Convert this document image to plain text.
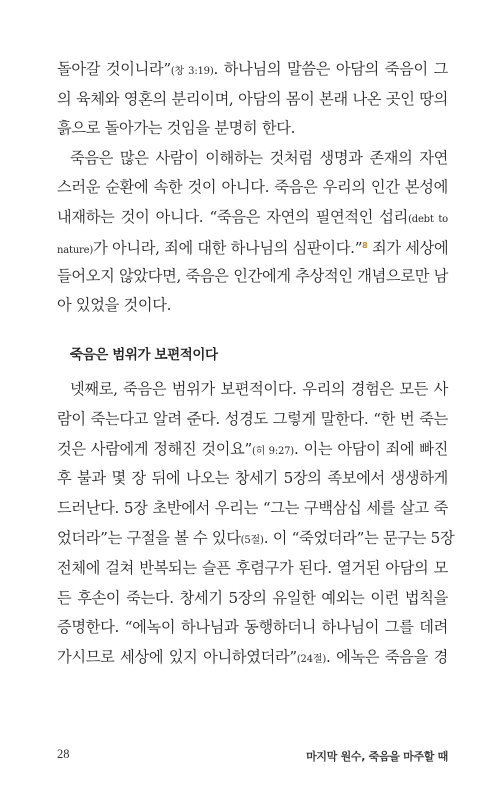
돌아갈 것이니라”(창 3:19). 하나님의 말씀은 아담의 죽음이 그
의 육체와 영혼의 분리이며, 아담의 몸이 본래 나온 곳인 땅의
흙으로 돌아가는 것임을 분명히 한다.
죽음은 많은 사람이 이해하는 것처럼 생명과 존재의 자연
스러운 순환에 속한 것이 아니다. 죽음은 우리의 인간 본성에
내재하는 것이 아니다. “죽음은 자연의 필연적인 섭리(debt to
nature)가 아니라, 죄에 대한 하나님의 심판이다.”$^8$ 죄가 세상에
들어오지 않았다면, 죽음은 인간에게 추상적인 개념으로만 남
아 있었을 것이다.
죽음은 범위가 보편적이다
넷째로, 죽음은 범위가 보편적이다. 우리의 경험은 모든 사
람이 죽는다고 알려 준다. 성경도 그렇게 말한다. “한 번 죽는
것은 사람에게 정해진 것이요”(히 9:27). 이는 아담이 죄에 빠진
후 불과 몇 장 뒤에 나오는 창세기 5장의 족보에서 생생하게
드러난다. 5장 초반에서 우리는 “그는 구백삼십 세를 살고 죽
었더라”는 구절을 볼 수 있다(5절). 이 “죽었더라”는 문구는 5장
전체에 걸쳐 반복되는 슬픈 후렴구가 된다. 열거된 아담의 모
든 후손이 죽는다. 창세기 5장의 유일한 예외는 이런 법칙을
증명한다. “에녹이 하나님과 동행하더니 하나님이 그를 데려
가시므로 세상에 있지 아니하였더라”(24절). 에녹은 죽음을 경
28	마지막 원수, 죽음을 마주할 때
